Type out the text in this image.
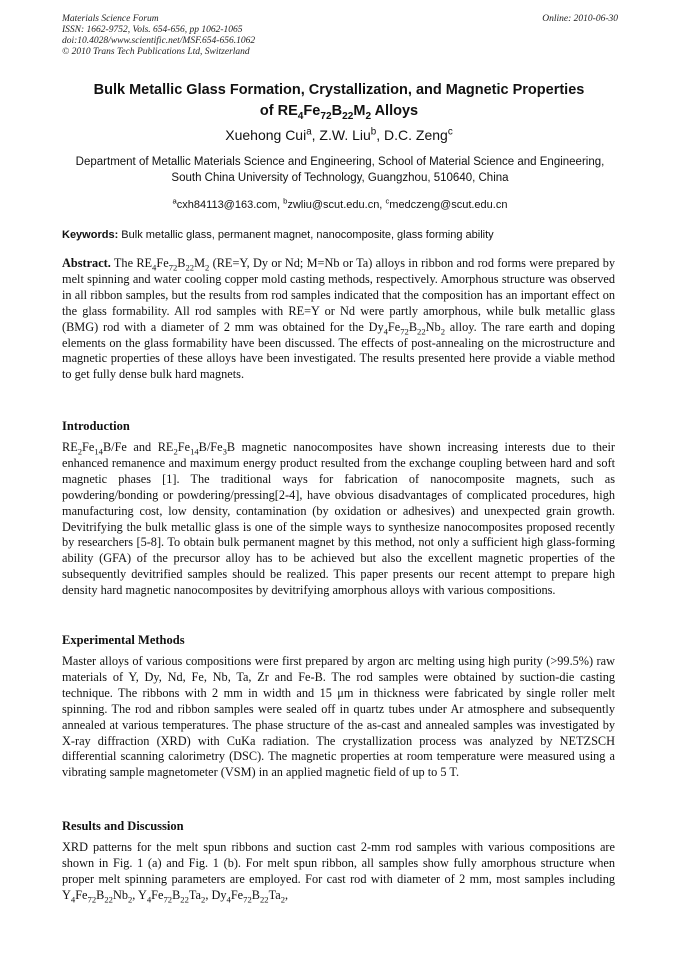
Materials Science Forum
ISSN: 1662-9752, Vols. 654-656, pp 1062-1065
doi:10.4028/www.scientific.net/MSF.654-656.1062
© 2010 Trans Tech Publications Ltd, Switzerland
Online: 2010-06-30
Bulk Metallic Glass Formation, Crystallization, and Magnetic Properties
of $RE_4Fe_{72}B_{22}M_2$ Alloys
Xuehong Cui$^a$, Z.W. Liu$^b$, D.C. Zeng$^c$
Department of Metallic Materials Science and Engineering, School of Material Science and Engineering, South China University of Technology, Guangzhou, 510640, China
$^a$cxh84113@163.com, $^b$zwliu@scut.edu.cn, $^c$medczeng@scut.edu.cn
Keywords: Bulk metallic glass, permanent magnet, nanocomposite, glass forming ability

Abstract. The $RE_4Fe_{72}B_{22}M_2$ (RE=Y, Dy or Nd; M=Nb or Ta) alloys in ribbon and rod forms were prepared by melt spinning and water cooling copper mold casting methods, respectively. Amorphous structure was observed in all ribbon samples, but the results from rod samples indicated that the composition has an important effect on the glass formability. All rod samples with RE=Y or Nd were partly amorphous, while bulk metallic glass (BMG) rod with a diameter of 2 mm was obtained for the $Dy_4Fe_{72}B_{22}Nb_2$ alloy. The rare earth and doping elements on the glass formability have been discussed. The effects of post-annealing on the microstructure and magnetic properties of these alloys have been investigated. The results presented here provide a viable method to get fully dense bulk hard magnets.

Introduction

$RE_2Fe_{14}B/Fe$ and $RE_2Fe_{14}B/Fe_3B$ magnetic nanocomposites have shown increasing interests due to their enhanced remanence and maximum energy product resulted from the exchange coupling between hard and soft magnetic phases [1]. The traditional ways for fabrication of nanocomposite magnets, such as powdering/bonding or powdering/pressing[2-4], have obvious disadvantages of complicated procedures, high manufacturing cost, low density, contamination (by oxidation or adhesives) and unexpected grain growth. Devitrifying the bulk metallic glass is one of the simple ways to synthesize nanocomposites proposed recently by researchers [5-8]. To obtain bulk permanent magnet by this method, not only a sufficient high glass-forming ability (GFA) of the precursor alloy has to be achieved but also the excellent magnetic properties of the subsequently devitrified samples should be realized. This paper presents our recent attempt to prepare high density hard magnetic nanocomposites by devitrifying amorphous alloys with various compositions.

Experimental Methods

Master alloys of various compositions were first prepared by argon arc melting using high purity (>99.5%) raw materials of Y, Dy, Nd, Fe, Nb, Ta, Zr and Fe-B. The rod samples were obtained by suction-die casting technique. The ribbons with 2 mm in width and 15 μm in thickness were fabricated by single roller melt spinning. The rod and ribbon samples were sealed off in quartz tubes under Ar atmosphere and subsequently annealed at various temperatures. The phase structure of the as-cast and annealed samples was investigated by X-ray diffraction (XRD) with CuKa radiation. The crystallization process was analyzed by NETZSCH differential scanning calorimetry (DSC). The magnetic properties at room temperature were measured using a vibrating sample magnetometer (VSM) in an applied magnetic field of up to 5 T.

Results and Discussion

XRD patterns for the melt spun ribbons and suction cast 2-mm rod samples with various compositions are shown in Fig. 1 (a) and Fig. 1 (b). For melt spun ribbon, all samples show fully amorphous structure when proper melt spinning parameters are employed. For cast rod with diameter of 2 mm, most samples including $Y_4Fe_{72}B_{22}Nb_2$, $Y_4Fe_{72}B_{22}Ta_2$, $Dy_4Fe_{72}B_{22}Ta_2$,
